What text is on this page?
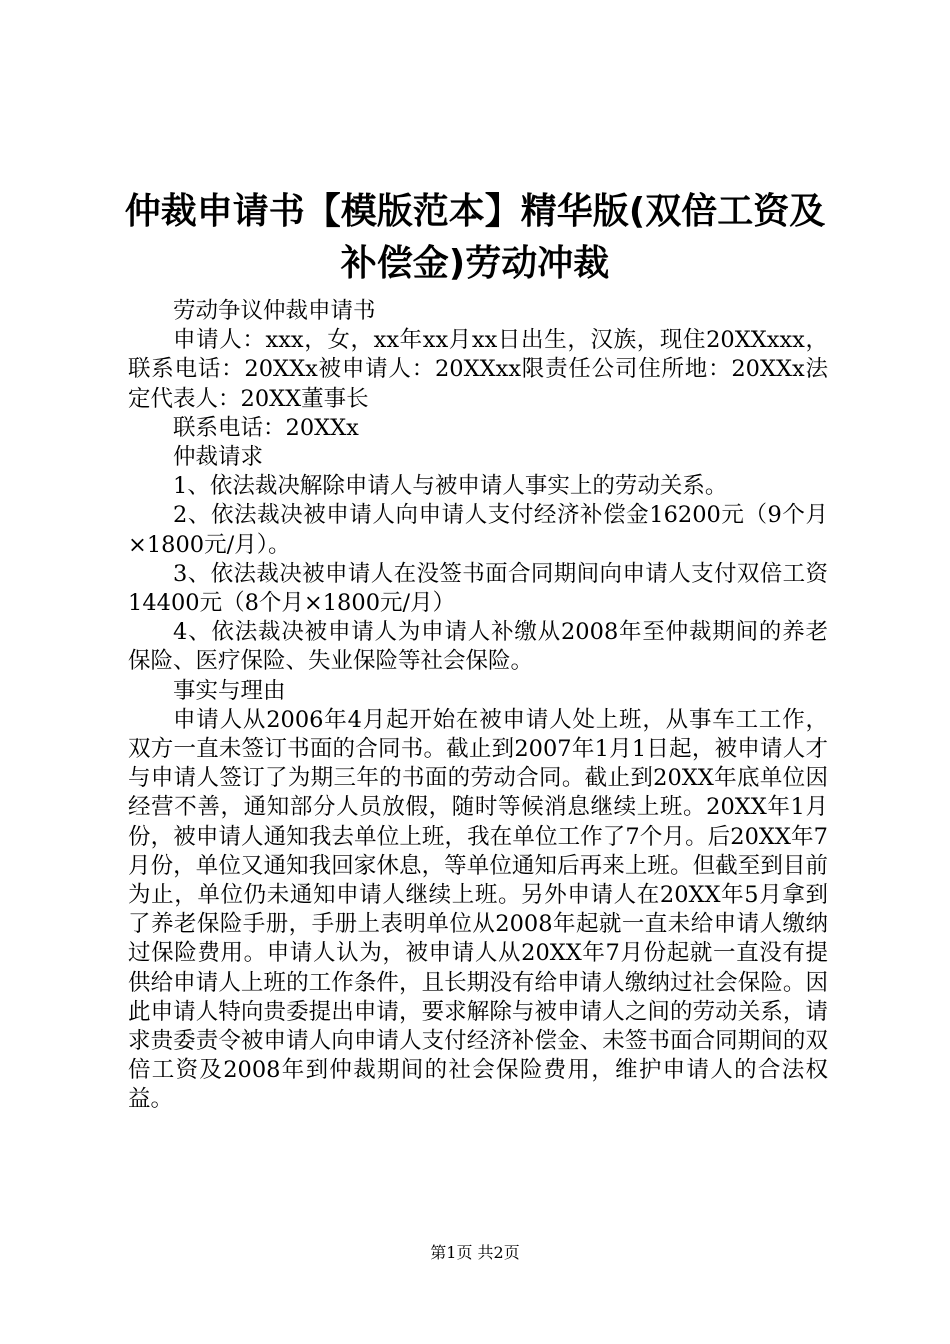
仲裁申请书【模版范本】精华版(双倍工资及补偿金)劳动冲裁

劳动争议仲裁申请书

申请人：xxx，女，xx年xx月xx日出生，汉族，现住20XXxxx，联系电话：20XXx被申请人：20XXxx限责任公司住所地：20XXx法定代表人：20XX董事长

联系电话：20XXx

仲裁请求

1、依法裁决解除申请人与被申请人事实上的劳动关系。

2、依法裁决被申请人向申请人支付经济补偿金16200元（9个月×1800元/月）。

3、依法裁决被申请人在没签书面合同期间向申请人支付双倍工资14400元（8个月×1800元/月）

4、依法裁决被申请人为申请人补缴从2008年至仲裁期间的养老保险、医疗保险、失业保险等社会保险。

事实与理由

申请人从2006年4月起开始在被申请人处上班，从事车工工作，双方一直未签订书面的合同书。截止到2007年1月1日起，被申请人才与申请人签订了为期三年的书面的劳动合同。截止到20XX年底单位因经营不善，通知部分人员放假，随时等候消息继续上班。20XX年1月份，被申请人通知我去单位上班，我在单位工作了7个月。后20XX年7月份，单位又通知我回家休息，等单位通知后再来上班。但截至到目前为止，单位仍未通知申请人继续上班。另外申请人在20XX年5月拿到了养老保险手册，手册上表明单位从2008年起就一直未给申请人缴纳过保险费用。申请人认为，被申请人从20XX年7月份起就一直没有提供给申请人上班的工作条件，且长期没有给申请人缴纳过社会保险。因此申请人特向贵委提出申请，要求解除与被申请人之间的劳动关系，请求贵委责令被申请人向申请人支付经济补偿金、未签书面合同期间的双倍工资及2008年到仲裁期间的社会保险费用，维护申请人的合法权益。

第1页 共2页
